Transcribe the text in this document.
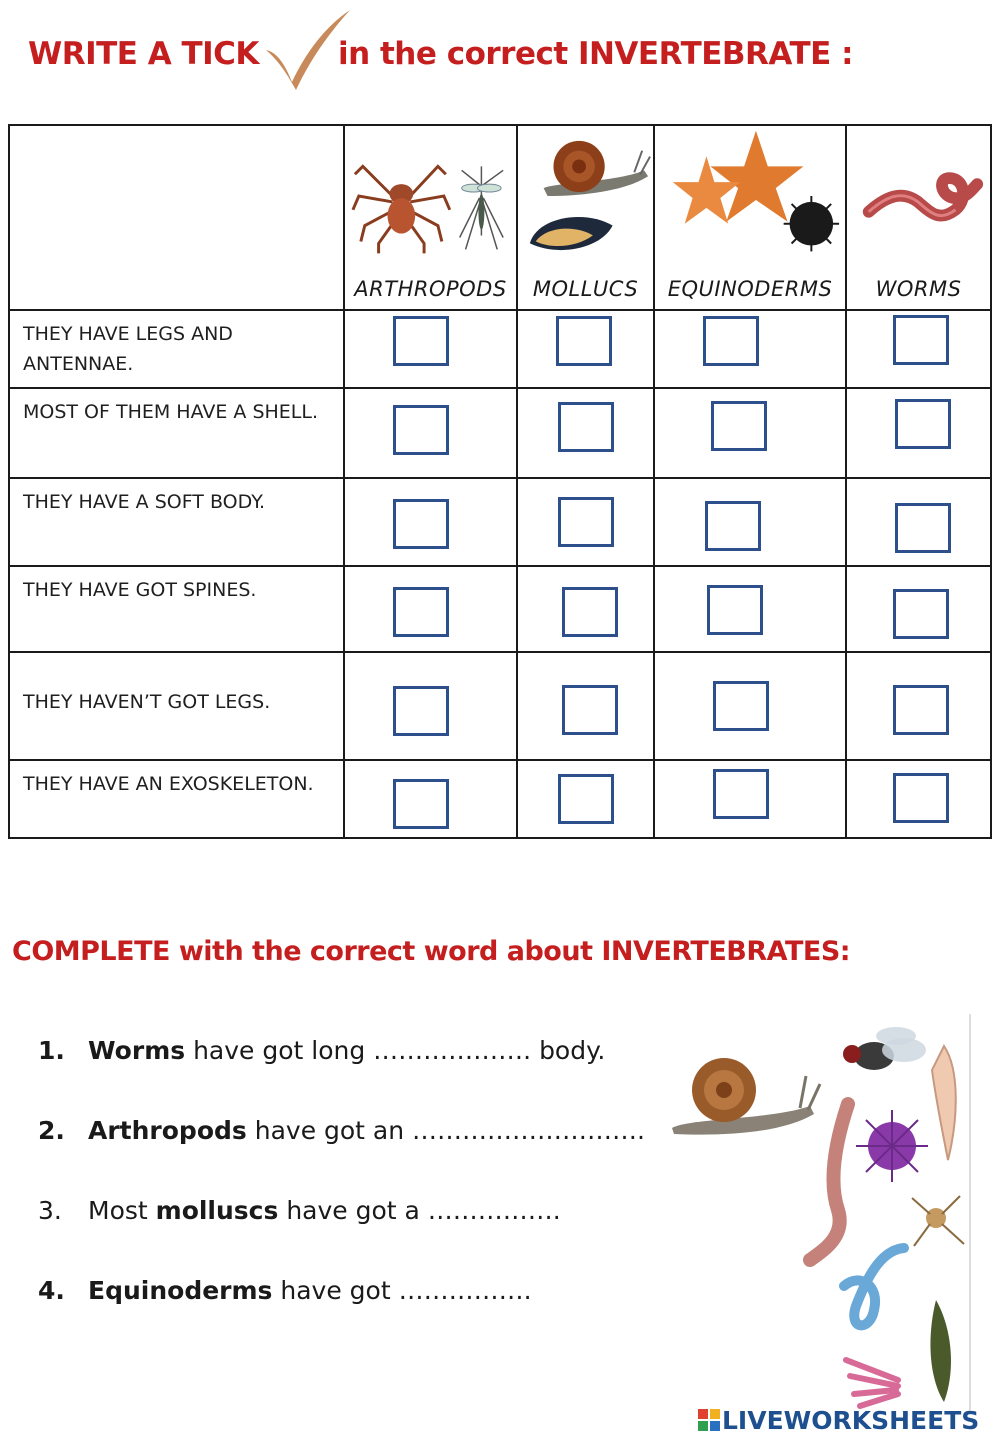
WRITE A TICK	in the correct INVERTEBRATE :

	ARTHROPODS	MOLLUCS	EQUINODERMS	WORMS

THEY HAVE LEGS AND ANTENNAE.				

MOST OF THEM HAVE A SHELL.				

THEY HAVE A SOFT BODY.				

THEY HAVE GOT SPINES.				

THEY HAVEN’T GOT LEGS.				

THEY HAVE AN EXOSKELETON.				

COMPLETE with the correct word about INVERTEBRATES:
1. Worms have got long ………………. body.
2. Arthropods have got an ……………………….
3. Most molluscs have got a …………….
4. Equinoderms have got …………….
LIVEWORKSHEETS
